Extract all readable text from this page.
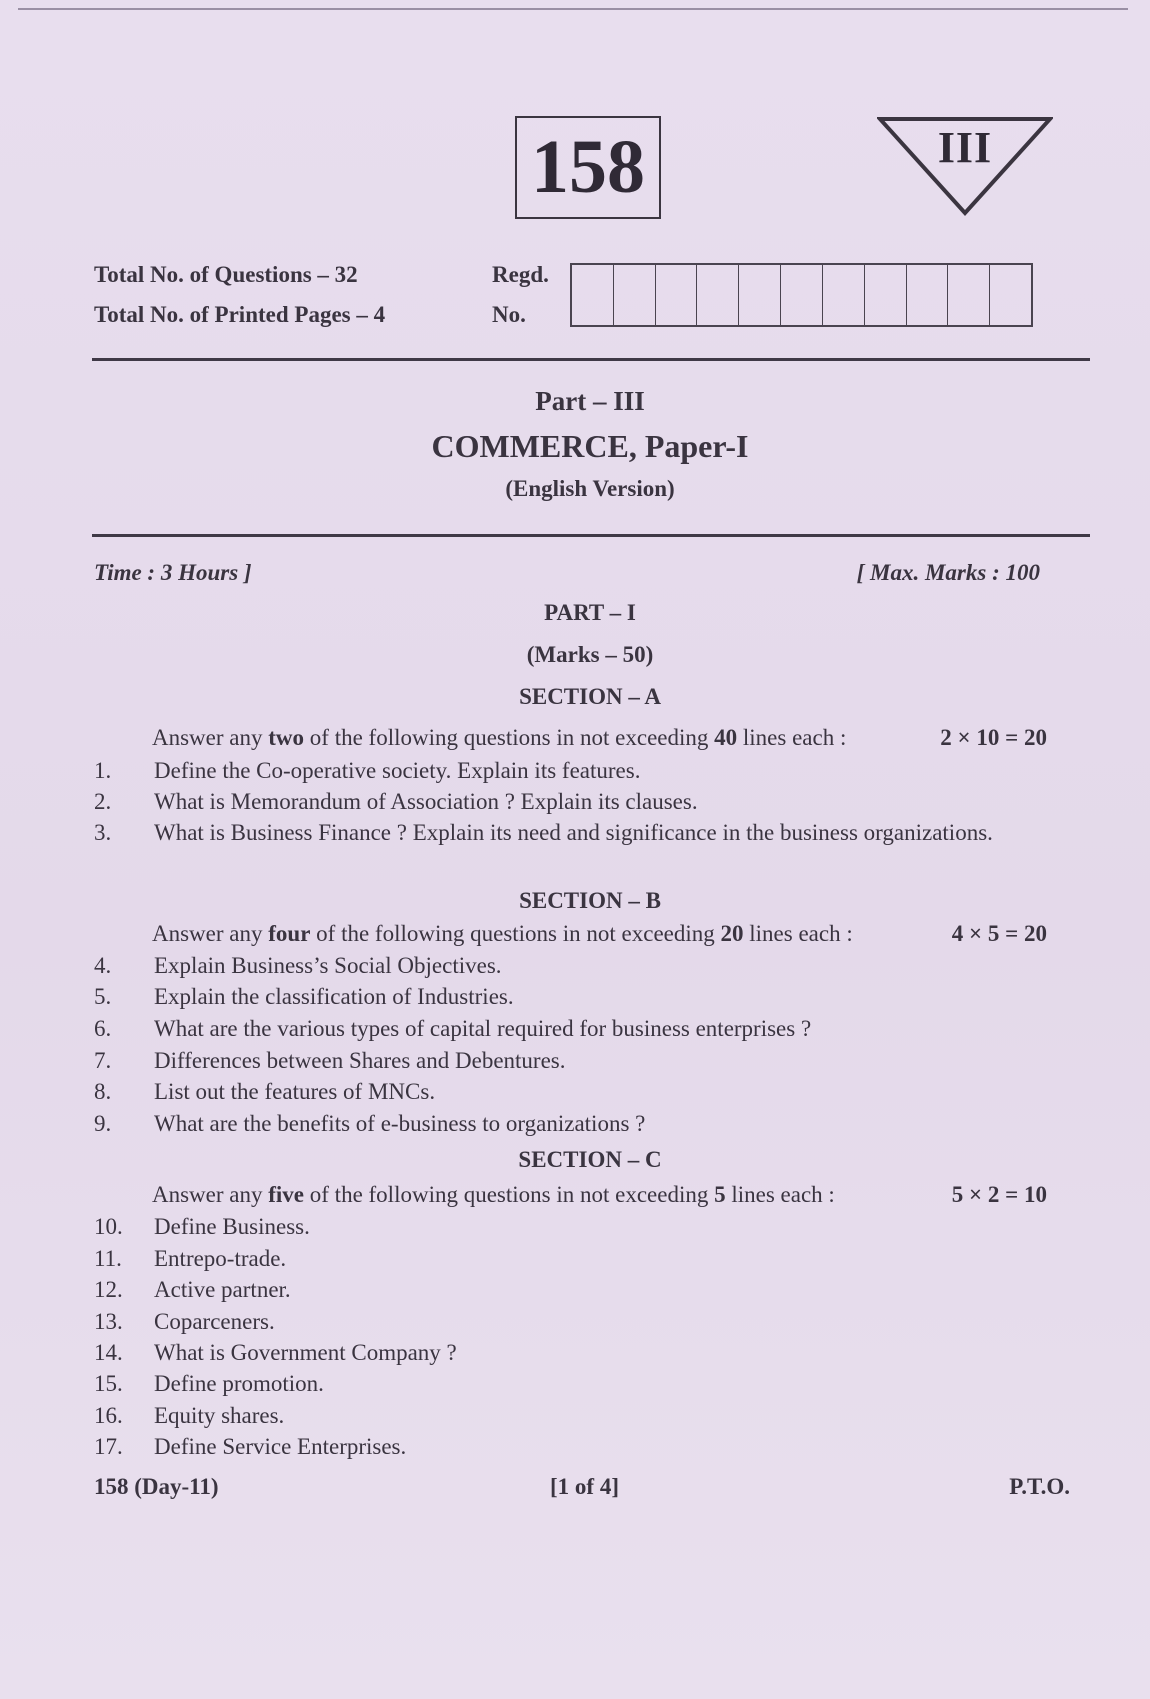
158	III
Total No. of Questions – 32
Total No. of Printed Pages – 4
Regd.
No.
Part – III
COMMERCE, Paper-I
(English Version)
Time : 3 Hours ]	[ Max. Marks : 100
PART – I
(Marks – 50)
SECTION – A
Answer any two of the following questions in not exceeding 40 lines each :	2 × 10 = 20
1.	Define the Co-operative society. Explain its features.
2.	What is Memorandum of Association ? Explain its clauses.
3.	What is Business Finance ? Explain its need and significance in the business organizations.
SECTION – B
Answer any four of the following questions in not exceeding 20 lines each :	4 × 5 = 20
4.	Explain Business’s Social Objectives.
5.	Explain the classification of Industries.
6.	What are the various types of capital required for business enterprises ?
7.	Differences between Shares and Debentures.
8.	List out the features of MNCs.
9.	What are the benefits of e-business to organizations ?
SECTION – C
Answer any five of the following questions in not exceeding 5 lines each :	5 × 2 = 10
10.	Define Business.
11.	Entrepo-trade.
12.	Active partner.
13.	Coparceners.
14.	What is Government Company ?
15.	Define promotion.
16.	Equity shares.
17.	Define Service Enterprises.
158 (Day-11)	[1 of 4]	P.T.O.
